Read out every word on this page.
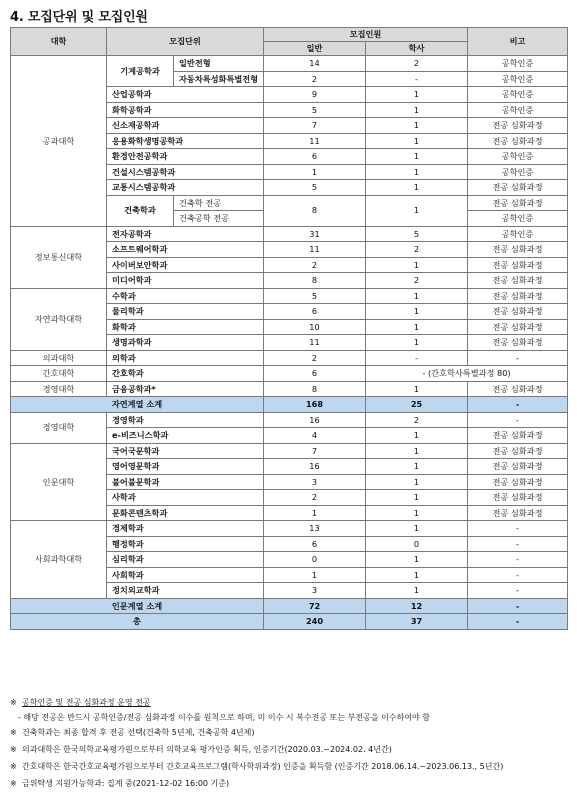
4. 모집단위 및 모집인원
대학	모집단위		모집인원		비고
			일반	학사	
공과대학	기계공학과	일반전형	14	2	공학인증
		자동차특성화특별전형	2	-	공학인증
	산업공학과		9	1	공학인증
	화학공학과		5	1	공학인증
	신소재공학과		7	1	전공 심화과정
	응용화학생명공학과		11	1	전공 심화과정
	환경안전공학과		6	1	공학인증
	건설시스템공학과		1	1	공학인증
	교통시스템공학과		5	1	전공 심화과정
	건축학과	건축학 전공	8	1	전공 심화과정
		건축공학 전공			공학인증
정보통신대학	전자공학과		31	5	공학인증
	소프트웨어학과		11	2	전공 심화과정
	사이버보안학과		2	1	전공 심화과정
	미디어학과		8	2	전공 심화과정
자연과학대학	수학과		5	1	전공 심화과정
	물리학과		6	1	전공 심화과정
	화학과		10	1	전공 심화과정
	생명과학과		11	1	전공 심화과정
의과대학	의학과		2	-	-
간호대학	간호학과		6	- (간호학사특별과정 80)	
경영대학	금융공학과*		8	1	전공 심화과정
자연계열 소계			168	25	-
경영대학	경영학과		16	2	-
	e-비즈니스학과		4	1	전공 심화과정
인문대학	국어국문학과		7	1	전공 심화과정
	영어영문학과		16	1	전공 심화과정
	불어불문학과		3	1	전공 심화과정
	사학과		2	1	전공 심화과정
	문화콘텐츠학과		1	1	전공 심화과정
사회과학대학	경제학과		13	1	-
	행정학과		6	0	-
	심리학과		0	1	-
	사회학과		1	1	-
	정치외교학과		3	1	-
인문계열 소계			72	12	-
총			240	37	-
※ 공학인증 및 전공 심화과정 운영 전공
- 해당 전공은 반드시 공학인증/전공 심화과정 이수를 원칙으로 하며, 미 이수 시 복수전공 또는 부전공을 이수하여야 함
※ 건축학과는 최종 합격 후 전공 선택(건축학 5년제, 건축공학 4년제)
※ 의과대학은 한국의학교육평가원으로부터 의학교육 평가인증 획득, 인증기간(2020.03.~2024.02. 4년간)
※ 간호대학은 한국간호교육평가원으로부터 간호교육프로그램(학사학위과정) 인증을 획득함 (인증기간 2018.06.14.~2023.06.13., 5년간)
※ 금위탁생 지원가능학과: 집계 중(2021-12-02 16:00 기준)
